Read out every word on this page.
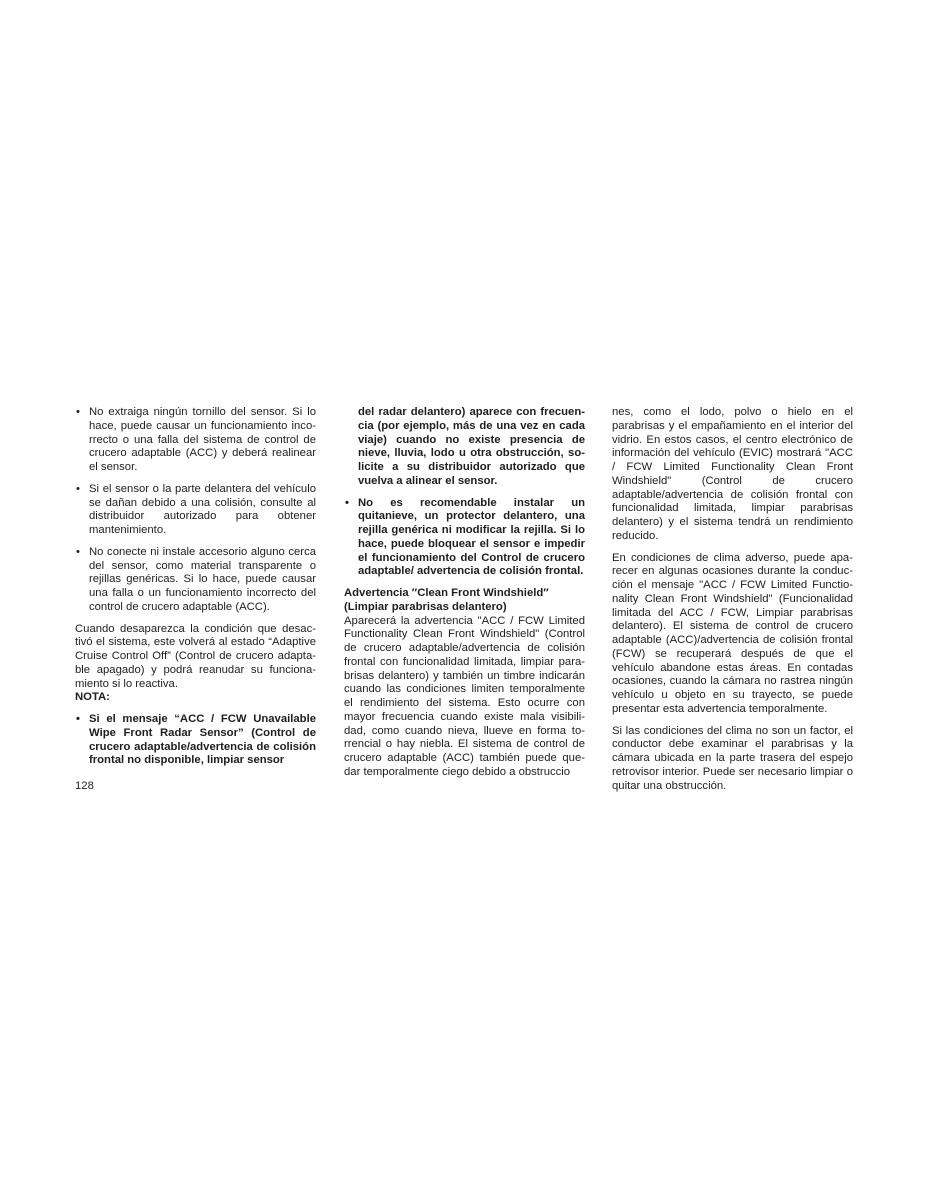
• No extraiga ningún tornillo del sensor. Si lo hace, puede causar un funcionamiento incorrecto o una falla del sistema de control de crucero adaptable (ACC) y deberá realinear el sensor.
• Si el sensor o la parte delantera del vehículo se dañan debido a una colisión, consulte al distribuidor autorizado para obtener mantenimiento.
• No conecte ni instale accesorio alguno cerca del sensor, como material transparente o rejillas genéricas. Si lo hace, puede causar una falla o un funcionamiento incorrecto del control de crucero adaptable (ACC).

Cuando desaparezca la condición que desactivó el sistema, este volverá al estado “Adaptive Cruise Control Off” (Control de crucero adaptable apagado) y podrá reanudar su funcionamiento si lo reactiva.

NOTA:

• Si el mensaje “ACC / FCW Unavailable Wipe Front Radar Sensor” (Control de crucero adaptable/advertencia de colisión frontal no disponible, limpiar sensor
del radar delantero) aparece con frecuencia (por ejemplo, más de una vez en cada viaje) cuando no existe presencia de nieve, lluvia, lodo u otra obstrucción, solicite a su distribuidor autorizado que vuelva a alinear el sensor.
• No es recomendable instalar un quitanieve, un protector delantero, una rejilla genérica ni modificar la rejilla. Si lo hace, puede bloquear el sensor e impedir el funcionamiento del Control de crucero adaptable/ advertencia de colisión frontal.

Advertencia ″Clean Front Windshield″
(Limpiar parabrisas delantero)

Aparecerá la advertencia "ACC / FCW Limited Functionality Clean Front Windshield" (Control de crucero adaptable/advertencia de colisión frontal con funcionalidad limitada, limpiar parabrisas delantero) y también un timbre indicarán cuando las condiciones limiten temporalmente el rendimiento del sistema. Esto ocurre con mayor frecuencia cuando existe mala visibilidad, como cuando nieva, llueve en forma torrencial o hay niebla. El sistema de control de crucero adaptable (ACC) también puede quedar temporalmente ciego debido a obstruccio

nes, como el lodo, polvo o hielo en el parabrisas y el empañamiento en el interior del vidrio. En estos casos, el centro electrónico de información del vehículo (EVIC) mostrará "ACC / FCW Limited Functionality Clean Front Windshield" (Control de crucero adaptable/advertencia de colisión frontal con funcionalidad limitada, limpiar parabrisas delantero) y el sistema tendrá un rendimiento reducido.

En condiciones de clima adverso, puede aparecer en algunas ocasiones durante la conducción el mensaje "ACC / FCW Limited Functionality Clean Front Windshield" (Funcionalidad limitada del ACC / FCW, Limpiar parabrisas delantero). El sistema de control de crucero adaptable (ACC)/advertencia de colisión frontal (FCW) se recuperará después de que el vehículo abandone estas áreas. En contadas ocasiones, cuando la cámara no rastrea ningún vehículo u objeto en su trayecto, se puede presentar esta advertencia temporalmente.

Si las condiciones del clima no son un factor, el conductor debe examinar el parabrisas y la cámara ubicada en la parte trasera del espejo retrovisor interior. Puede ser necesario limpiar o quitar una obstrucción.

128
